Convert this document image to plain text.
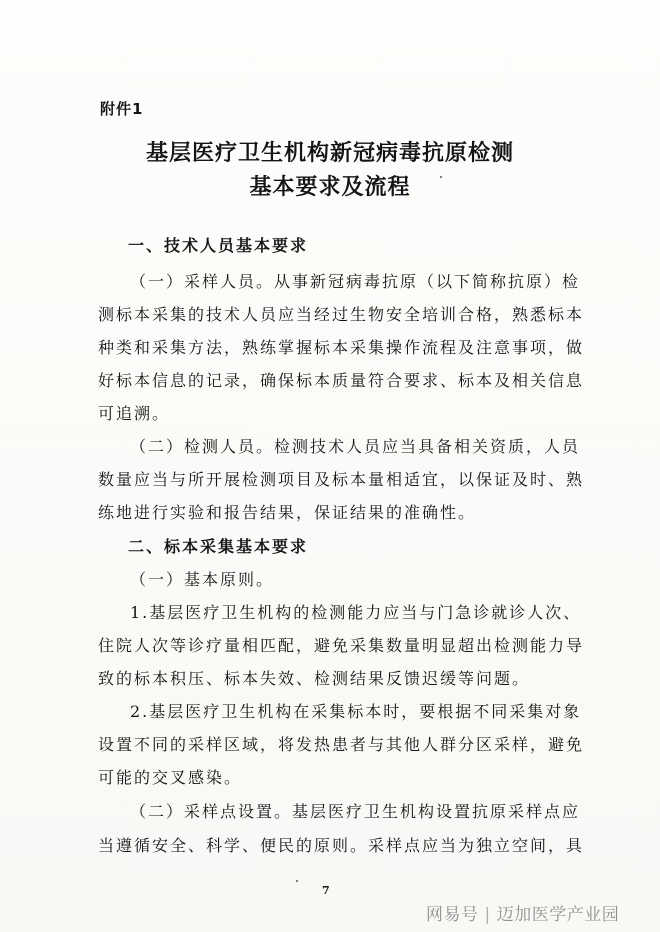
附件1
基层医疗卫生机构新冠病毒抗原检测
基本要求及流程
一、技术人员基本要求
（一）采样人员。从事新冠病毒抗原（以下简称抗原）检
测标本采集的技术人员应当经过生物安全培训合格，熟悉标本
种类和采集方法，熟练掌握标本采集操作流程及注意事项，做
好标本信息的记录，确保标本质量符合要求、标本及相关信息
可追溯。
（二）检测人员。检测技术人员应当具备相关资质，人员
数量应当与所开展检测项目及标本量相适宜，以保证及时、熟
练地进行实验和报告结果，保证结果的准确性。
二、标本采集基本要求
（一）基本原则。
1.基层医疗卫生机构的检测能力应当与门急诊就诊人次、
住院人次等诊疗量相匹配，避免采集数量明显超出检测能力导
致的标本积压、标本失效、检测结果反馈迟缓等问题。
2.基层医疗卫生机构在采集标本时，要根据不同采集对象
设置不同的采样区域，将发热患者与其他人群分区采样，避免
可能的交叉感染。
（二）采样点设置。基层医疗卫生机构设置抗原采样点应
当遵循安全、科学、便民的原则。采样点应当为独立空间，具
7
网易号 | 迈加医学产业园
